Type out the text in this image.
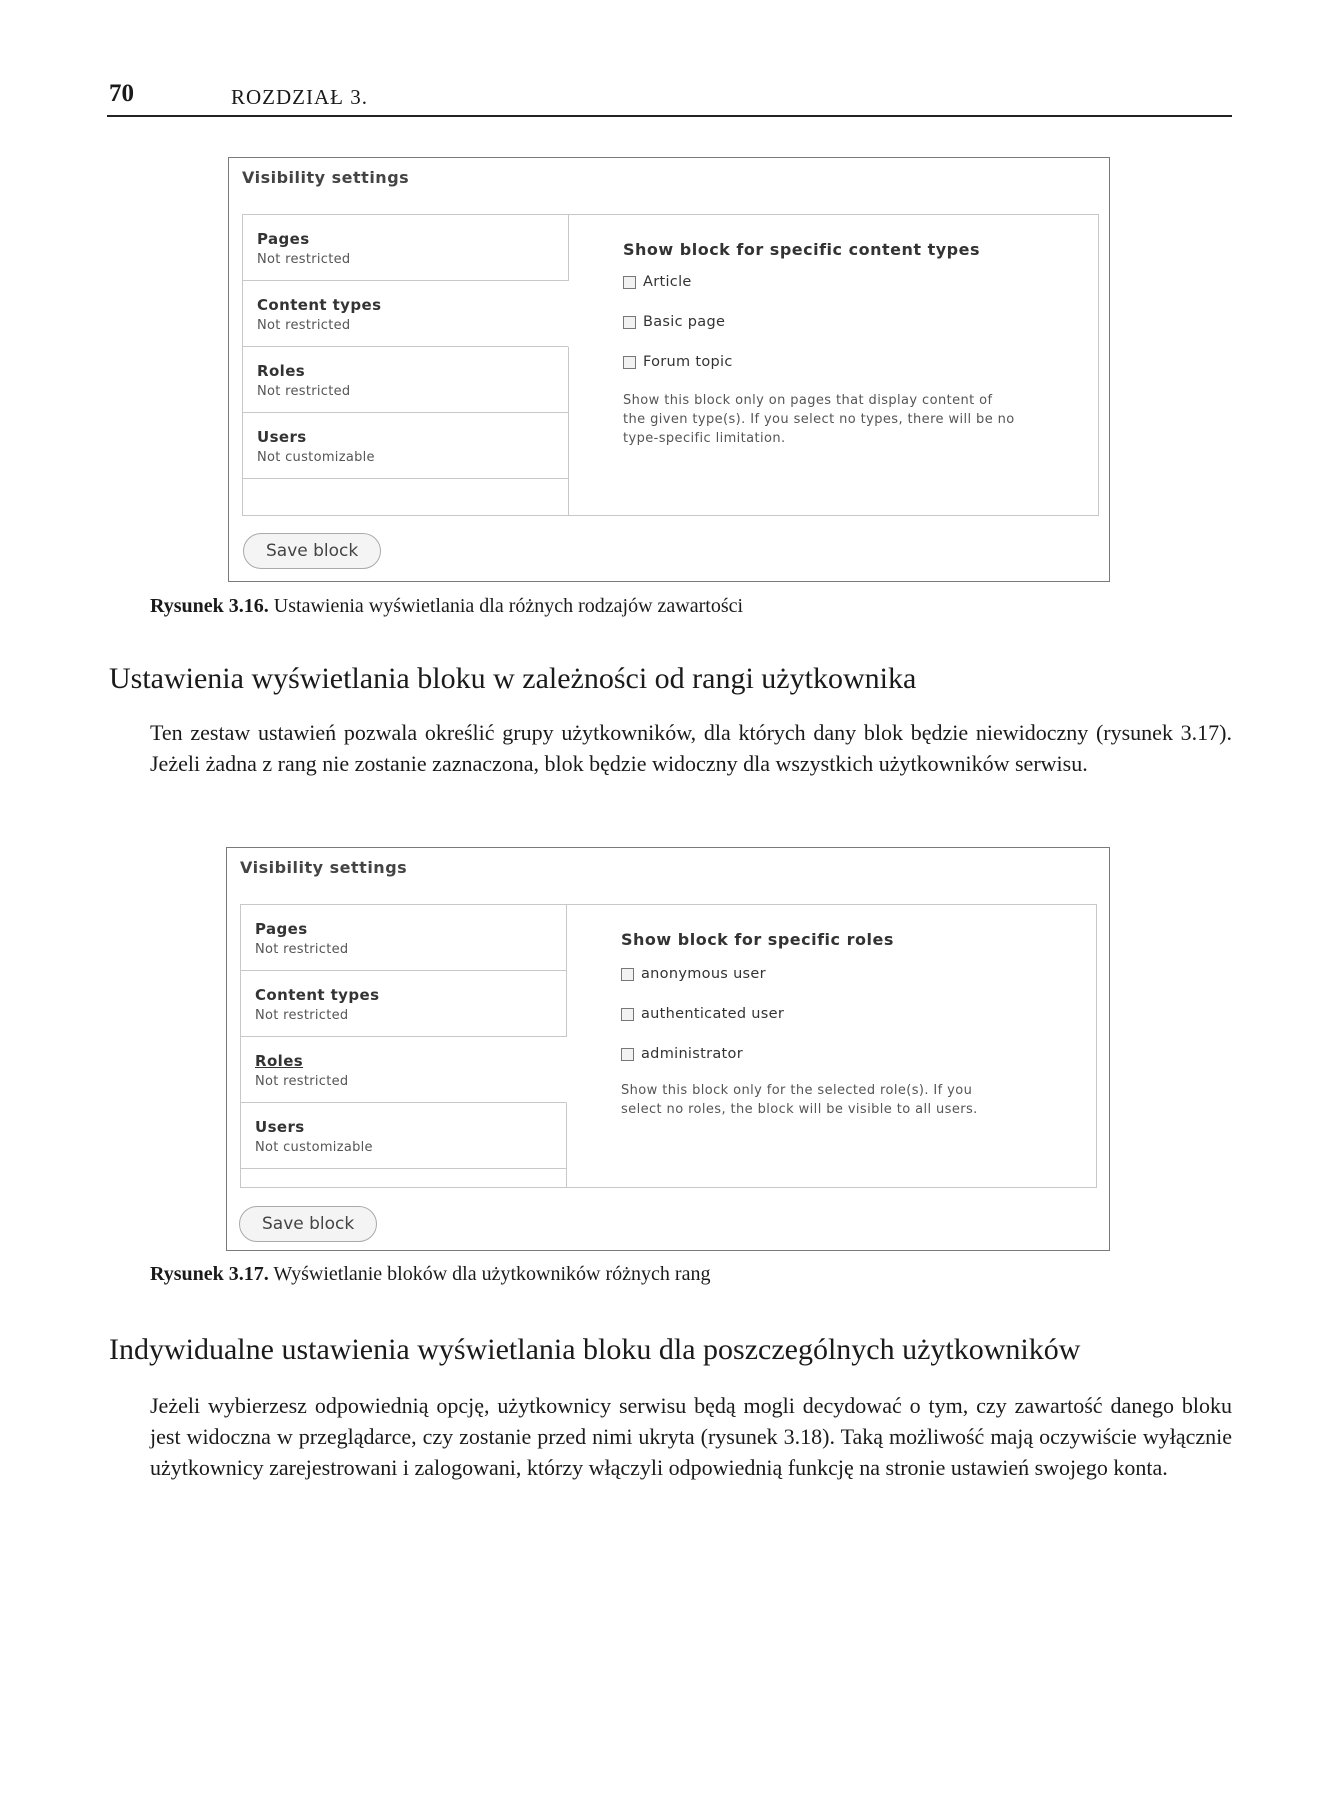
70	ROZDZIAŁ 3.
Visibility settings
Pages
Not restricted
Content types
Not restricted
Roles
Not restricted
Users
Not customizable
Show block for specific content types
Article
Basic page
Forum topic
Show this block only on pages that display content of
the given type(s). If you select no types, there will be no
type-specific limitation.
Save block
Rysunek 3.16. Ustawienia wyświetlania dla różnych rodzajów zawartości
Ustawienia wyświetlania bloku w zależności od rangi użytkownika

Ten zestaw ustawień pozwala określić grupy użytkowników, dla których dany blok będzie niewidoczny (rysunek 3.17). Jeżeli żadna z rang nie zostanie zaznaczona, blok będzie widoczny dla wszystkich użytkowników serwisu.

Visibility settings
Pages
Not restricted
Content types
Not restricted
Roles
Not restricted
Users
Not customizable
Show block for specific roles
anonymous user
authenticated user
administrator
Show this block only for the selected role(s). If you
select no roles, the block will be visible to all users.
Save block
Rysunek 3.17. Wyświetlanie bloków dla użytkowników różnych rang
Indywidualne ustawienia wyświetlania bloku dla poszczególnych użytkowników

Jeżeli wybierzesz odpowiednią opcję, użytkownicy serwisu będą mogli decydować o tym, czy zawartość danego bloku jest widoczna w przeglądarce, czy zostanie przed nimi ukryta (rysunek 3.18). Taką możliwość mają oczywiście wyłącznie użytkownicy zarejestrowani i zalogowani, którzy włączyli odpowiednią funkcję na stronie ustawień swojego konta.
